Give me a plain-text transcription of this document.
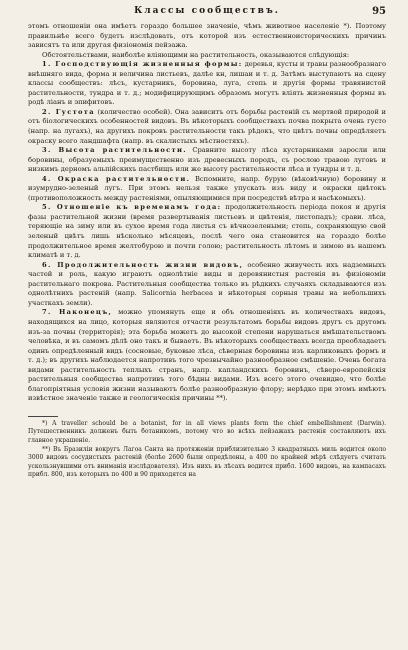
Классы сообществъ.	95

этомъ отношеніи она имѣетъ гораздо большее значеніе, чѣмъ животное населеніе *). Поэтому правильнѣе всего будетъ изслѣдовать, отъ которой изъ естественноисторическихъ причинъ зависятъ та или другая физіономія пейзажа.

Обстоятельствами, наиболѣе вліяющими на растительность, оказываются слѣдующія:

1. Господствующія жизненныя формы: деревья, кусты и травы разнообразнаго внѣшняго вида, форма и величина листьевъ, далѣе кн, лишаи и т. д. Затѣмъ выступаютъ на сцену классы сообществъ: лѣсъ, кустарникъ, боровина, луга, степь и другія формы травянистой растительности, тундра и т. д.; модифицирующимъ образомъ могутъ вліять жизненныя формы въ родѣ ліанъ и эпифитовъ.

2. Густота (количество особей). Она зависитъ отъ борьбы растеній съ мертвой природой и отъ біологическихъ особенностей видовъ. Въ нѣкоторыхъ сообществахъ почва покрыта очень густо (напр. на лугахъ), на другихъ покровъ растительности такъ рѣдокъ, что цвѣтъ почвы опредѣляетъ окраску всего ландшафта (напр. въ скалистыхъ мѣстностяхъ).

3. Высота растительности. Сравните высоту лѣса кустарниками заросли или боровины, образуемыхъ преимущественно изъ древесныхъ породъ, съ рослою травою луговъ и низкимъ дерномъ альпійскихъ пастбищъ или же высоту растительности лѣса и тундры и т. д.

4. Окраска растительности. Вспомните, напр. бурую (вѣковѣчную) боровину и изумрудно-зеленый лугъ. При этомъ нельзя также упускать изъ виду и окраски цвѣтокъ (противоположность между растеніями, опыляющимися при посредствѣ вѣтра и насѣкомыхъ).

5. Отношеніе къ временамъ года: продолжительность періода покоя и другія фазы растительной жизни (время развертыванія листьевъ и цвѣтенія, листопадъ); срави. лѣса, теряющіе на зиму или въ сухое время года листья съ вѣчнозелеными; степь, сохраняющую свой зеленый цвѣтъ лишь нѣсколько мѣсяцевъ, послѣ чего она становится на гораздо болѣе продолжительное время желтобурою и почти голою; растительность лѣтомъ и зимою въ нашемъ климатѣ и т. д.

6. Продолжительность жизни видовъ, особенно живучесть ихъ надземныхъ частей и роль, какую играютъ однолѣтніе виды и деревянистыя растенія въ физіономіи растительнаго покрова. Растительныя сообщества только въ рѣдкихъ случаяхъ складываются изъ однолѣтнихъ растеній (напр. Salicornia herbacea и нѣкоторыя сорныя травы на небольшихъ участкахъ земли).

7. Наконецъ, можно упомянуть еще и объ отношеніяхъ въ количествахъ видовъ, находящихся на лицо, которыя являются отчасти результатомъ борьбы видовъ другъ съ другомъ изъ-за почвы (территорія); эта борьба можетъ до высокой степени нарушаться вмѣшательствомъ человѣка, и въ самомъ дѣлѣ оно такъ и бываетъ. Въ нѣкоторыхъ сообществахъ всегда преобладаетъ одинъ опредѣленный видъ (сосновые, буковые лѣса, сѣверныя боровины изъ карликовыхъ формъ и т. д.); въ другихъ наблюдается напротивъ того чрезвычайно разнообразное смѣшеніе. Очень богата видами растительность теплыхъ странъ, напр. капландскихъ боровинъ, сѣверо-европейскія растительныя сообщества напротивъ того бѣдны видами. Изъ всего этого очевидно, что болѣе благопріятныя условія жизни называютъ болѣе разнообразную флору; нерѣдко при этомъ имѣютъ извѣстное значеніе также и геологическія причины **).

*) A traveller schould be a botanist, for in all views plants form the chief embellishment (Darwin). Путешественникъ долженъ быть ботаникомъ, потому что во всѣхъ пейзажахъ растенія составляютъ ихъ главное украшеніе.

**) Въ Бразиліи вокругъ Лагоа Санта на протяженіи приблизительно 3 квадратныхъ миль водится около 3000 видовъ сосудистыхъ растеній (болѣе 2600 были опредѣлены, а 400 по крайней мѣрѣ слѣдуетъ считать ускользнувшими отъ вниманія изслѣдователя). Изъ нихъ въ лѣсахъ водится прибл. 1600 видовъ, на кампасахъ прибл. 800, изъ которыхъ по 400 и 90 приходятся на
